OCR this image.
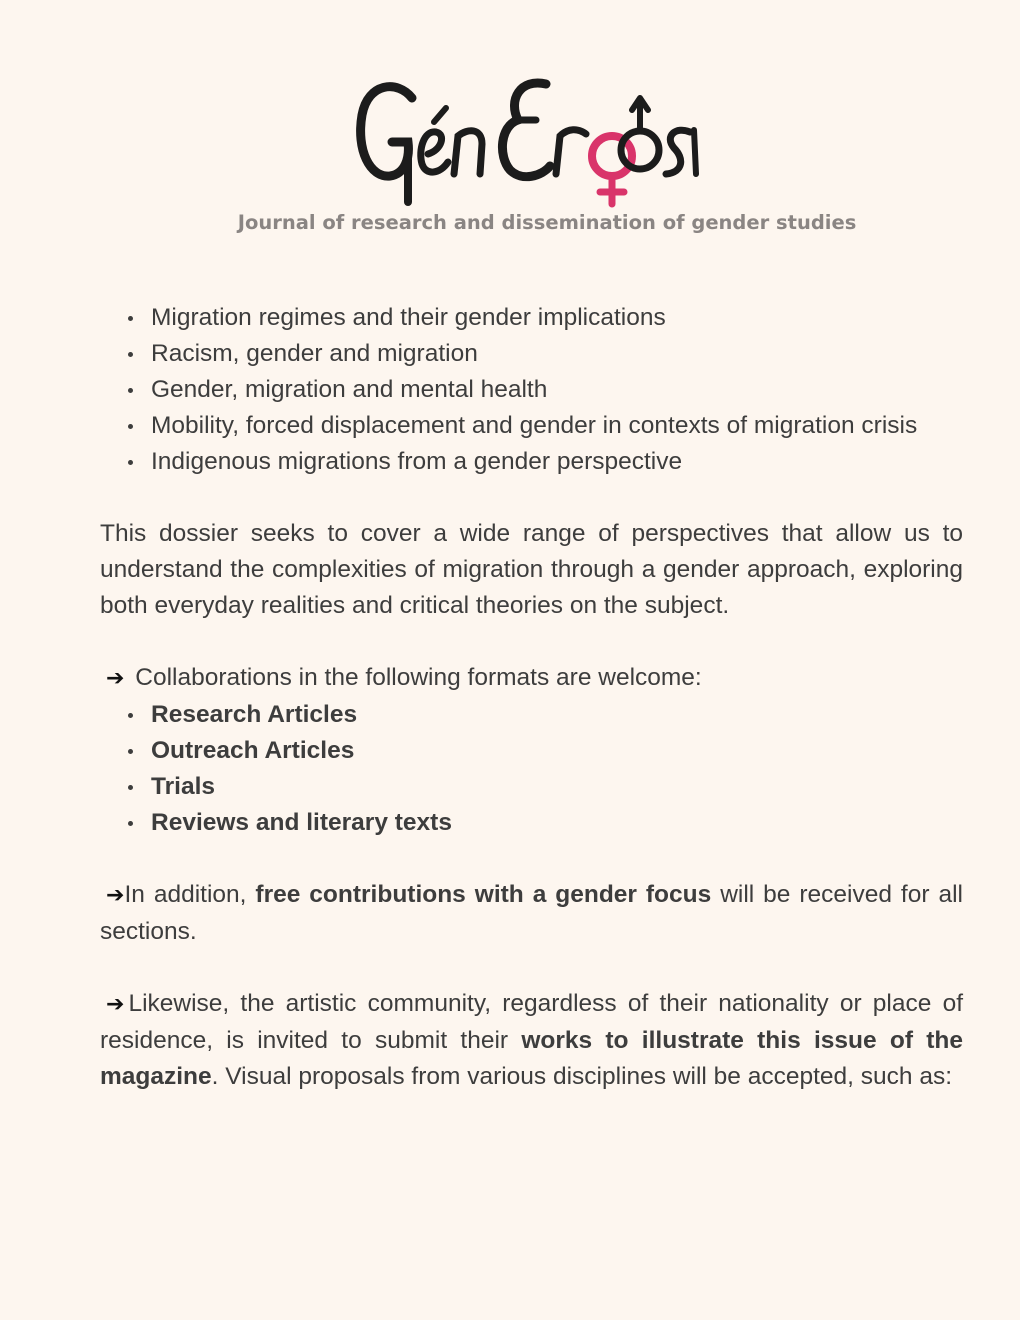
Journal of research and dissemination of gender studies
Migration regimes and their gender implications
Racism, gender and migration
Gender, migration and mental health
Mobility, forced displacement and gender in contexts of migration crisis
Indigenous migrations from a gender perspective

This dossier seeks to cover a wide range of perspectives that allow us to understand the complexities of migration through a gender approach, exploring both everyday realities and critical theories on the subject.

➔ Collaborations in the following formats are welcome:
Research Articles
Outreach Articles
Trials
Reviews and literary texts

➔In addition, free contributions with a gender focus will be received for all sections.

➔ Likewise, the artistic community, regardless of their nationality or place of residence, is invited to submit their works to illustrate this issue of the magazine. Visual proposals from various disciplines will be accepted, such as:
